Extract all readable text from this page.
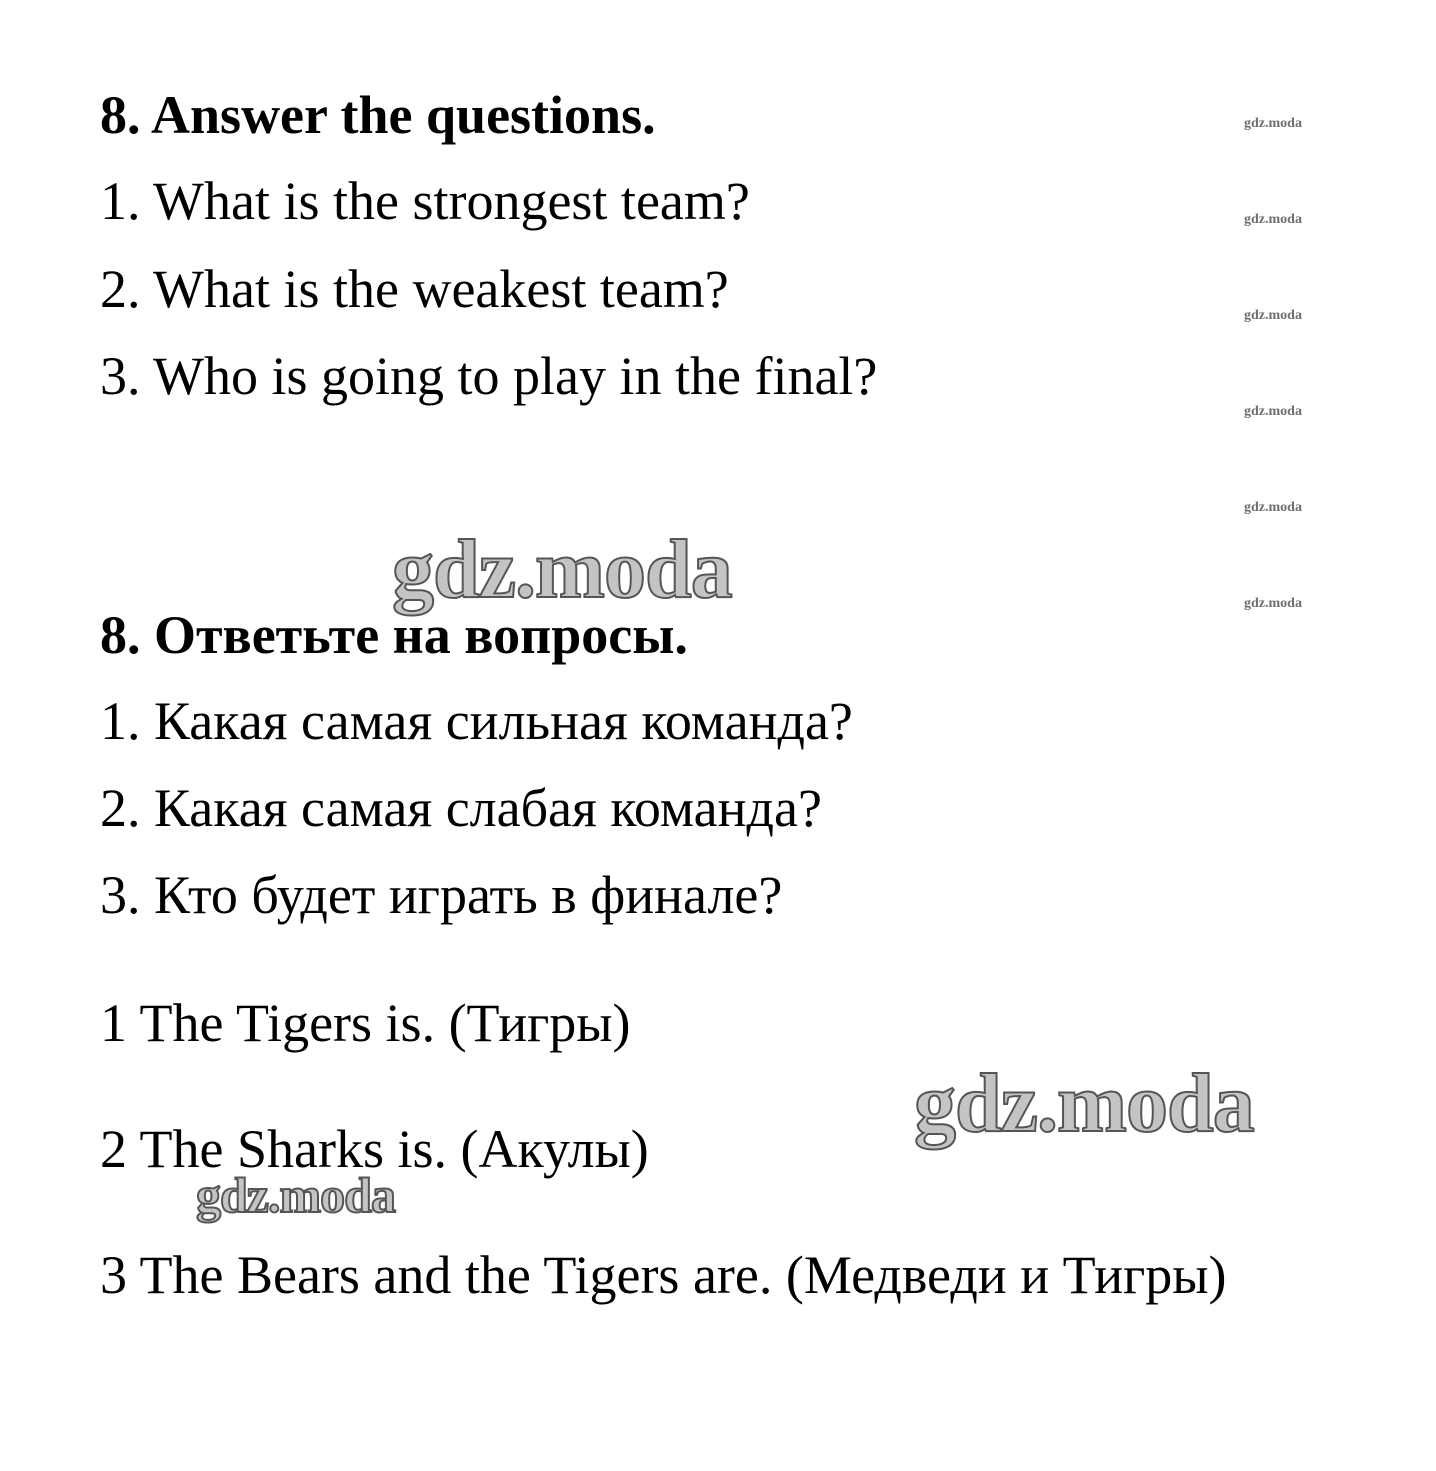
8. Answer the questions.

1. What is the strongest team?

2. What is the weakest team?

3. Who is going to play in the final?

8. Ответьте на вопросы.

1. Какая самая сильная команда?

2. Какая самая слабая команда?

3. Кто будет играть в финале?

1 The Tigers is. (Тигры)

2 The Sharks is. (Акулы)

3 The Bears and the Tigers are. (Медведи и Тигры)

gdz.moda
gdz.moda
gdz.moda
gdz.moda
gdz.moda
gdz.moda
gdz.moda
gdz.moda
gdz.moda
